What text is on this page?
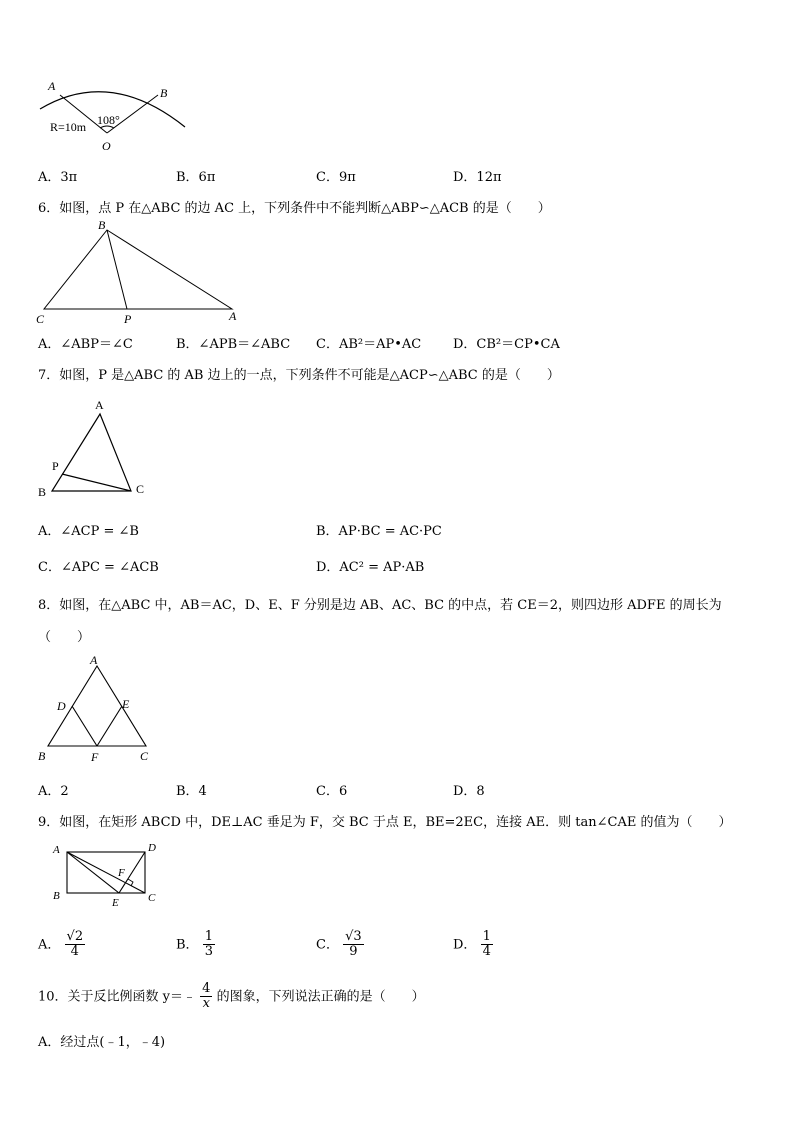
A	B
R=10m 108°
O
A．3π	B．6π	C．9π	D．12π
6．如图，点 P 在△ABC 的边 AC 上，下列条件中不能判断△ABP∽△ACB 的是（　　）
B
C	P	A
A．∠ABP＝∠C	B．∠APB＝∠ABC C．AB²＝AP•AC D．CB²＝CP•CA
7．如图，P 是△ABC 的 AB 边上的一点，下列条件不可能是△ACP∽△ABC 的是（　　）
A
P
B	C
A．∠ACP = ∠B	B．AP·BC = AC·PC
C．∠APC = ∠ACB	D．AC² = AP·AB
8．如图，在△ABC 中，AB＝AC，D、E、F 分别是边 AB、AC、BC 的中点，若 CE＝2，则四边形 ADFE 的周长为
（　　）
A
D	E
B	F	C
A．2	B．4	C．6	D．8
9．如图，在矩形 ABCD 中，DE⊥AC 垂足为 F，交 BC 于点 E，BE=2EC，连接 AE．则 tan∠CAE 的值为（　　）
A	D
F
B
E	C
A． $\frac{√2}{4}$	B． $\frac{1}{3}$	C． $\frac{√3}{9}$	D． $\frac{1}{4}$
10．关于反比例函数 y＝﹣ $\frac{4}{x}$ 的图象，下列说法正确的是（　　）
A．经过点(﹣1，﹣4)
